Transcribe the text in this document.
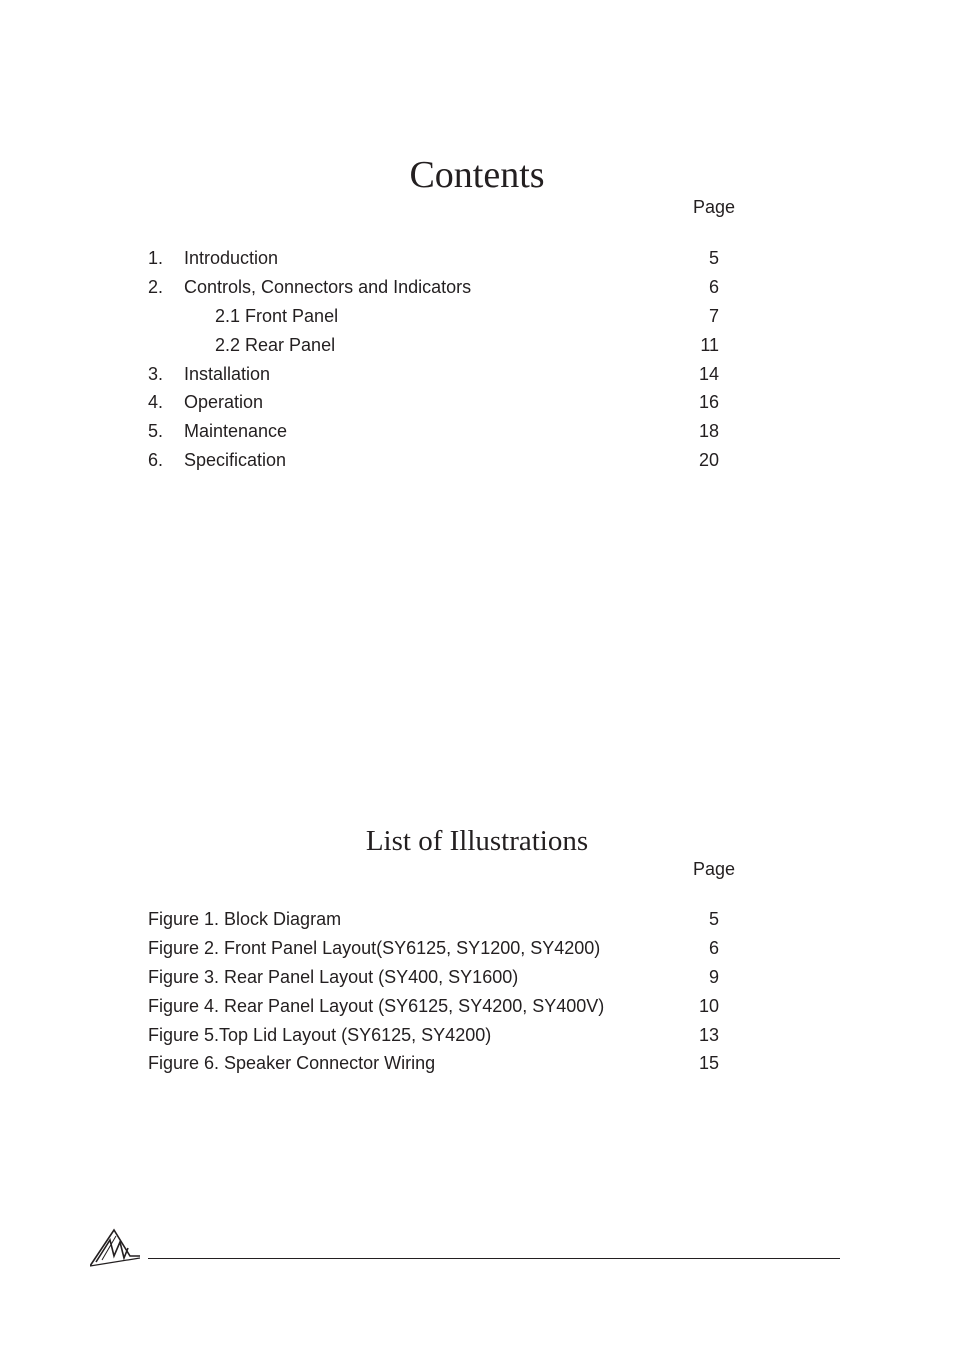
Contents
Page
1. Introduction	5
2. Controls, Connectors and Indicators	6
2.1 Front Panel	7
2.2 Rear Panel	11
3. Installation	14
4. Operation	16
5. Maintenance	18
6. Specification	20
List of Illustrations
Page
Figure 1. Block Diagram	5
Figure 2. Front Panel Layout(SY6125, SY1200, SY4200)	6
Figure 3. Rear Panel Layout (SY400, SY1600)	9
Figure 4. Rear Panel Layout (SY6125, SY4200, SY400V)	10
Figure 5.Top Lid Layout (SY6125, SY4200)	13
Figure 6. Speaker Connector Wiring	15
